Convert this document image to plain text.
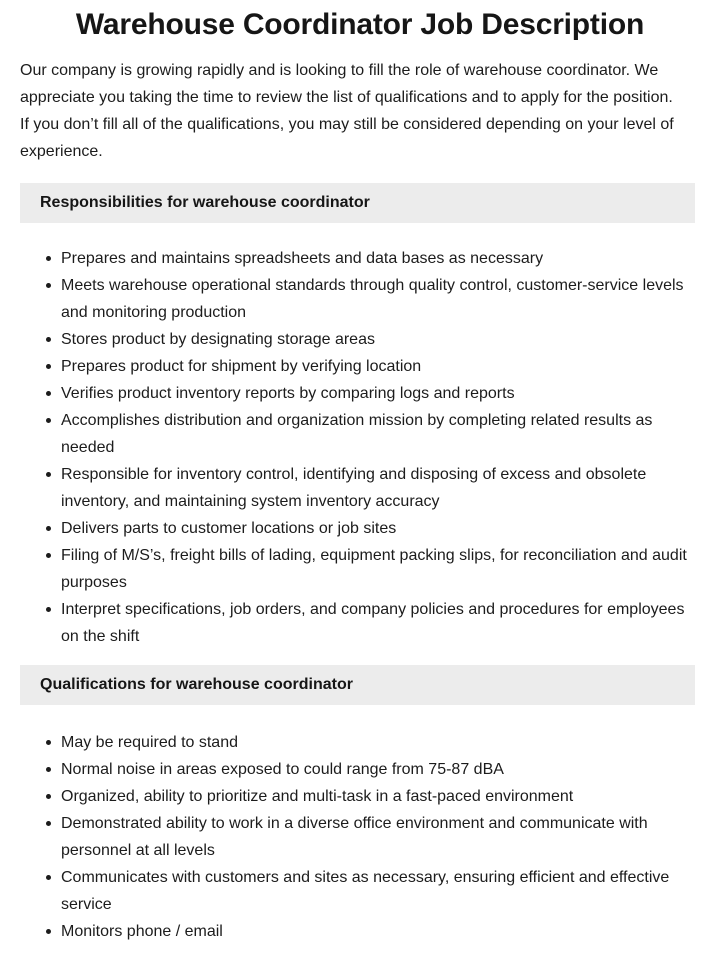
Warehouse Coordinator Job Description

Our company is growing rapidly and is looking to fill the role of warehouse coordinator. We appreciate you taking the time to review the list of qualifications and to apply for the position. If you don’t fill all of the qualifications, you may still be considered depending on your level of experience.

Responsibilities for warehouse coordinator
Prepares and maintains spreadsheets and data bases as necessary
Meets warehouse operational standards through quality control, customer-service levels and monitoring production
Stores product by designating storage areas
Prepares product for shipment by verifying location
Verifies product inventory reports by comparing logs and reports
Accomplishes distribution and organization mission by completing related results as needed
Responsible for inventory control, identifying and disposing of excess and obsolete inventory, and maintaining system inventory accuracy
Delivers parts to customer locations or job sites
Filing of M/S’s, freight bills of lading, equipment packing slips, for reconciliation and audit purposes
Interpret specifications, job orders, and company policies and procedures for employees on the shift
Qualifications for warehouse coordinator
May be required to stand
Normal noise in areas exposed to could range from 75-87 dBA
Organized, ability to prioritize and multi-task in a fast-paced environment
Demonstrated ability to work in a diverse office environment and communicate with personnel at all levels
Communicates with customers and sites as necessary, ensuring efficient and effective service
Monitors phone / email
